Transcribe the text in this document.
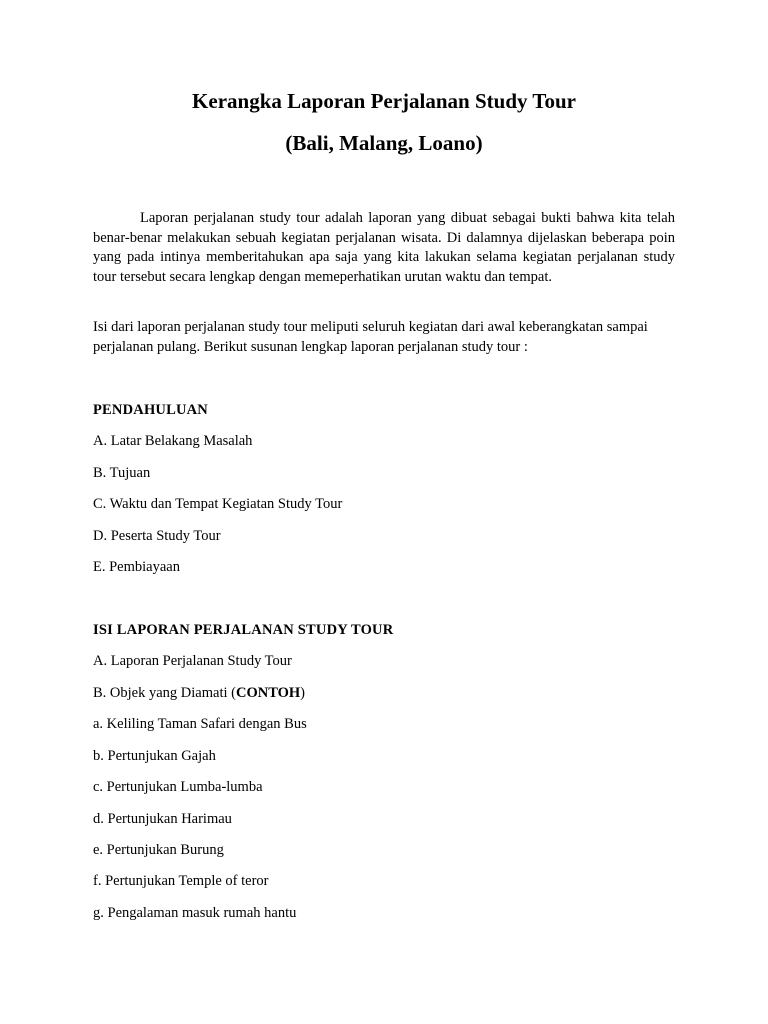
Kerangka Laporan Perjalanan Study Tour
(Bali, Malang, Loano)

Laporan perjalanan study tour adalah laporan yang dibuat sebagai bukti bahwa kita telah benar-benar melakukan sebuah kegiatan perjalanan wisata. Di dalamnya dijelaskan beberapa poin yang pada intinya memberitahukan apa saja yang kita lakukan selama kegiatan perjalanan study tour tersebut secara lengkap dengan memeperhatikan urutan waktu dan tempat.

Isi dari laporan perjalanan study tour meliputi seluruh kegiatan dari awal keberangkatan sampai perjalanan pulang. Berikut susunan lengkap laporan perjalanan study tour :

PENDAHULUAN

A. Latar Belakang Masalah

B. Tujuan

C. Waktu dan Tempat Kegiatan Study Tour

D. Peserta Study Tour

E. Pembiayaan

ISI LAPORAN PERJALANAN STUDY TOUR

A. Laporan Perjalanan Study Tour

B. Objek yang Diamati (CONTOH)

a. Keliling Taman Safari dengan Bus

b. Pertunjukan Gajah

c. Pertunjukan Lumba-lumba

d. Pertunjukan Harimau

e. Pertunjukan Burung

f. Pertunjukan Temple of teror

g. Pengalaman masuk rumah hantu
